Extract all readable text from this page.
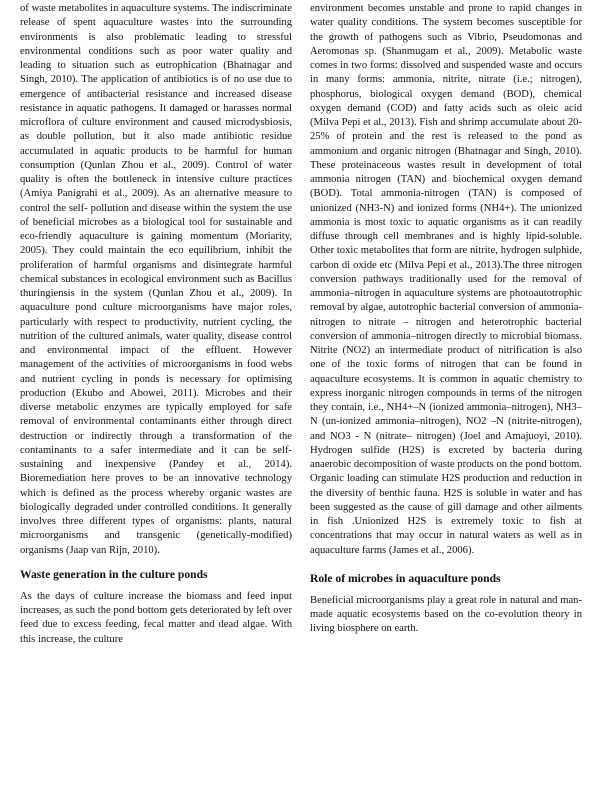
of waste metabolites in aquaculture systems. The indiscriminate release of spent aquaculture wastes into the surrounding environments is also problematic leading to stressful environmental conditions such as poor water quality and leading to situation such as eutrophication (Bhatnagar and Singh, 2010). The application of antibiotics is of no use due to emergence of antibacterial resistance and increased disease resistance in aquatic pathogens. It damaged or harasses normal microflora of culture environment and caused microdysbiosis, as double pollution, but it also made antibiotic residue accumulated in aquatic products to be harmful for human consumption (Qunlan Zhou et al., 2009). Control of water quality is often the bottleneck in intensive culture practices (Amiya Panigrahi et al., 2009). As an alternative measure to control the self- pollution and disease within the system the use of beneficial microbes as a biological tool for sustainable and eco-friendly aquaculture is gaining momentum (Moriarity, 2005). They could maintain the eco equilibrium, inhibit the proliferation of harmful organisms and disintegrate harmful chemical substances in ecological environment such as Bacillus thuringiensis in the system (Qunlan Zhou et al., 2009). In aquaculture pond culture microorganisms have major roles, particularly with respect to productivity, nutrient cycling, the nutrition of the cultured animals, water quality, disease control and environmental impact of the effluent. However management of the activities of microorganisms in food webs and nutrient cycling in ponds is necessary for optimising production (Ekubo and Abowei, 2011). Microbes and their diverse metabolic enzymes are typically employed for safe removal of environmental contaminants either through direct destruction or indirectly through a transformation of the contaminants to a safer intermediate and it can be self-sustaining and inexpensive (Pandey et al., 2014). Bioremediation here proves to be an innovative technology which is defined as the process whereby organic wastes are biologically degraded under controlled conditions. It generally involves three different types of organisms: plants, natural microorganisms and transgenic (genetically-modified) organisms (Jaap van Rijn, 2010).

Waste generation in the culture ponds

As the days of culture increase the biomass and feed input increases, as such the pond bottom gets deteriorated by left over feed due to excess feeding, fecal matter and dead algae. With this increase, the culture

environment becomes unstable and prone to rapid changes in water quality conditions. The system becomes susceptible for the growth of pathogens such as Vibrio, Pseudomonas and Aeromonas sp. (Shanmugam et al., 2009). Metabolic waste comes in two forms: dissolved and suspended waste and occurs in many forms: ammonia, nitrite, nitrate (i.e.; nitrogen), phosphorus, biological oxygen demand (BOD), chemical oxygen demand (COD) and fatty acids such as oleic acid (Milva Pepi et al., 2013). Fish and shrimp accumulate about 20-25% of protein and the rest is released to the pond as ammonium and organic nitrogen (Bhatnagar and Singh, 2010). These proteinaceous wastes result in development of total ammonia nitrogen (TAN) and biochemical oxygen demand (BOD). Total ammonia-nitrogen (TAN) is composed of unionized (NH3-N) and ionized forms (NH4+). The unionized ammonia is most toxic to aquatic organisms as it can readily diffuse through cell membranes and is highly lipid-soluble. Other toxic metabolites that form are nitrite, hydrogen sulphide, carbon di oxide etc (Milva Pepi et al., 2013).The three nitrogen conversion pathways traditionally used for the removal of ammonia–nitrogen in aquaculture systems are photoautotrophic removal by algae, autotrophic bacterial conversion of ammonia-nitrogen to nitrate – nitrogen and heterotrophic bacterial conversion of ammonia–nitrogen directly to microbial biomass. Nitrite (NO2) an intermediate product of nitrification is also one of the toxic forms of nitrogen that can be found in aquaculture ecosystems. It is common in aquatic chemistry to express inorganic nitrogen compounds in terms of the nitrogen they contain, i.e., NH4+–N (ionized ammonia–nitrogen), NH3–N (un-ionized ammonia–nitrogen), NO2 –N (nitrite-nitrogen), and NO3 - N (nitrate– nitrogen) (Joel and Amajuoyi, 2010). Hydrogen sulfide (H2S) is excreted by bacteria during anaerobic decomposition of waste products on the pond bottom. Organic loading can stimulate H2S production and reduction in the diversity of benthic fauna. H2S is soluble in water and has been suggested as the cause of gill damage and other ailments in fish .Unionized H2S is extremely toxic to fish at concentrations that may occur in natural waters as well as in aquaculture farms (James et al., 2006).

Role of microbes in aquaculture ponds

Beneficial microorganisms play a great role in natural and man-made aquatic ecosystems based on the co-evolution theory in living biosphere on earth.
